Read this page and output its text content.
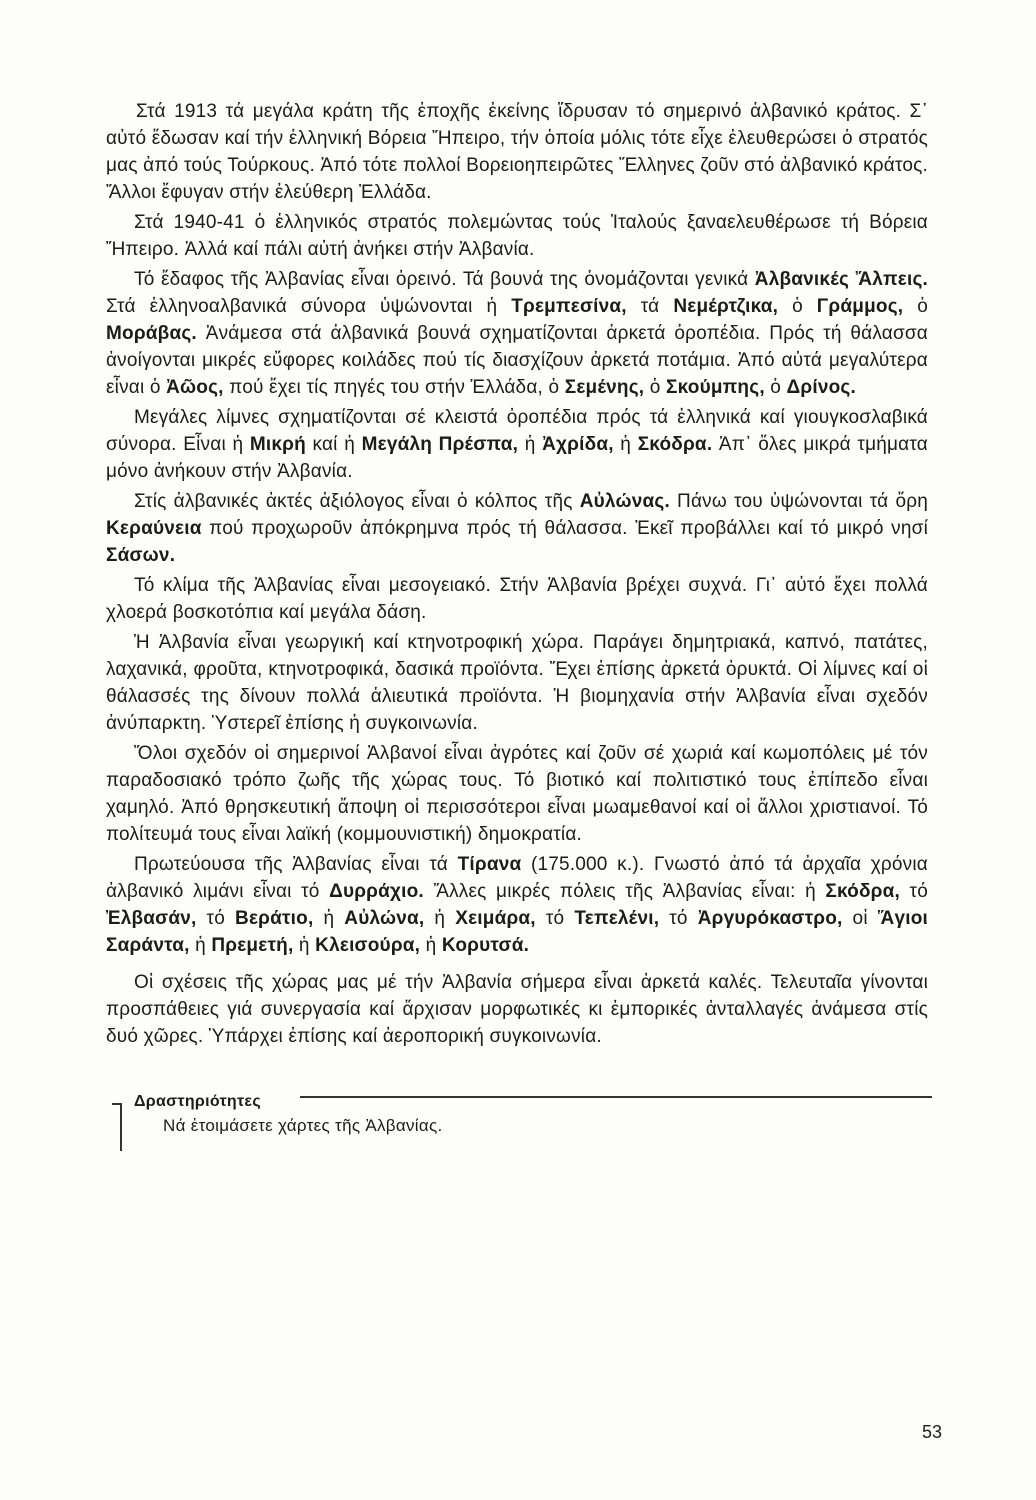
Στά 1913 τά μεγάλα κράτη τῆς ἐποχῆς ἐκείνης ἵδρυσαν τό σημερινό ἀλβανικό κράτος. Σ᾽ αὐτό ἔδωσαν καί τήν ἑλληνική Βόρεια Ἤπειρο, τήν ὁποία μόλις τότε εἶχε ἐλευθερώσει ὁ στρατός μας ἀπό τούς Τούρκους. Ἀπό τότε πολλοί Βορειοηπειρῶτες Ἕλληνες ζοῦν στό ἀλβανικό κράτος. Ἄλλοι ἔφυγαν στήν ἐλεύθερη Ἑλλάδα.

Στά 1940-41 ὁ ἑλληνικός στρατός πολεμώντας τούς Ἰταλούς ξαναελευθέρωσε τή Βόρεια Ἤπειρο. Ἀλλά καί πάλι αὐτή ἀνήκει στήν Ἀλβανία.

Τό ἔδαφος τῆς Ἀλβανίας εἶναι ὀρεινό. Τά βουνά της ὀνομάζονται γενικά Ἀλβανικές Ἄλπεις. Στά ἑλληνοαλβανικά σύνορα ὑψώνονται ἡ Τρεμπεσίνα, τά Νεμέρτζικα, ὁ Γράμμος, ὁ Μοράβας. Ἀνάμεσα στά ἀλβανικά βουνά σχηματίζονται ἀρκετά ὀροπέδια. Πρός τή θάλασσα ἀνοίγονται μικρές εὔφορες κοιλάδες πού τίς διασχίζουν ἀρκετά ποτάμια. Ἀπό αὐτά μεγαλύτερα εἶναι ὁ Ἀῶος, πού ἔχει τίς πηγές του στήν Ἑλλάδα, ὁ Σεμένης, ὁ Σκούμπης, ὁ Δρίνος.

Μεγάλες λίμνες σχηματίζονται σέ κλειστά ὀροπέδια πρός τά ἑλληνικά καί γιουγκοσλαβικά σύνορα. Εἶναι ἡ Μικρή καί ἡ Μεγάλη Πρέσπα, ἡ Ἀχρίδα, ἡ Σκόδρα. Ἀπ᾽ ὅλες μικρά τμήματα μόνο ἀνήκουν στήν Ἀλβανία.

Στίς ἀλβανικές ἀκτές ἀξιόλογος εἶναι ὁ κόλπος τῆς Αὐλώνας. Πάνω του ὑψώνονται τά ὄρη Κεραύνεια πού προχωροῦν ἀπόκρημνα πρός τή θάλασσα. Ἐκεῖ προβάλλει καί τό μικρό νησί Σάσων.

Τό κλίμα τῆς Ἀλβανίας εἶναι μεσογειακό. Στήν Ἀλβανία βρέχει συχνά. Γι᾽ αὐτό ἔχει πολλά χλοερά βοσκοτόπια καί μεγάλα δάση.

Ἡ Ἀλβανία εἶναι γεωργική καί κτηνοτροφική χώρα. Παράγει δημητριακά, καπνό, πατάτες, λαχανικά, φροῦτα, κτηνοτροφικά, δασικά προϊόντα. Ἔχει ἐπίσης ἀρκετά ὀρυκτά. Οἱ λίμνες καί οἱ θάλασσές της δίνουν πολλά ἁλιευτικά προϊόντα. Ἡ βιομηχανία στήν Ἀλβανία εἶναι σχεδόν ἀνύπαρκτη. Ὑστερεῖ ἐπίσης ἡ συγκοινωνία.

Ὅλοι σχεδόν οἱ σημερινοί Ἀλβανοί εἶναι ἀγρότες καί ζοῦν σέ χωριά καί κωμοπόλεις μέ τόν παραδοσιακό τρόπο ζωῆς τῆς χώρας τους. Τό βιοτικό καί πολιτιστικό τους ἐπίπεδο εἶναι χαμηλό. Ἀπό θρησκευτική ἄποψη οἱ περισσότεροι εἶναι μωαμεθανοί καί οἱ ἄλλοι χριστιανοί. Τό πολίτευμά τους εἶναι λαϊκή (κομμουνιστική) δημοκρατία.

Πρωτεύουσα τῆς Ἀλβανίας εἶναι τά Τίρανα (175.000 κ.). Γνωστό ἀπό τά ἀρχαῖα χρόνια ἀλβανικό λιμάνι εἶναι τό Δυρράχιο. Ἄλλες μικρές πόλεις τῆς Ἀλβανίας εἶναι: ἡ Σκόδρα, τό Ἐλβασάν, τό Βεράτιο, ἡ Αὐλώνα, ἡ Χειμάρα, τό Τεπελένι, τό Ἀργυρόκαστρο, οἱ Ἅγιοι Σαράντα, ἡ Πρεμετή, ἡ Κλεισούρα, ἡ Κορυτσά.

Οἱ σχέσεις τῆς χώρας μας μέ τήν Ἀλβανία σήμερα εἶναι ἀρκετά καλές. Τελευταῖα γίνονται προσπάθειες γιά συνεργασία καί ἄρχισαν μορφωτικές κι ἐμπορικές ἀνταλλαγές ἀνάμεσα στίς δυό χῶρες. Ὑπάρχει ἐπίσης καί ἀεροπορική συγκοινωνία.

Δραστηριότητες
Νά ἑτοιμάσετε χάρτες τῆς Ἀλβανίας.
53
